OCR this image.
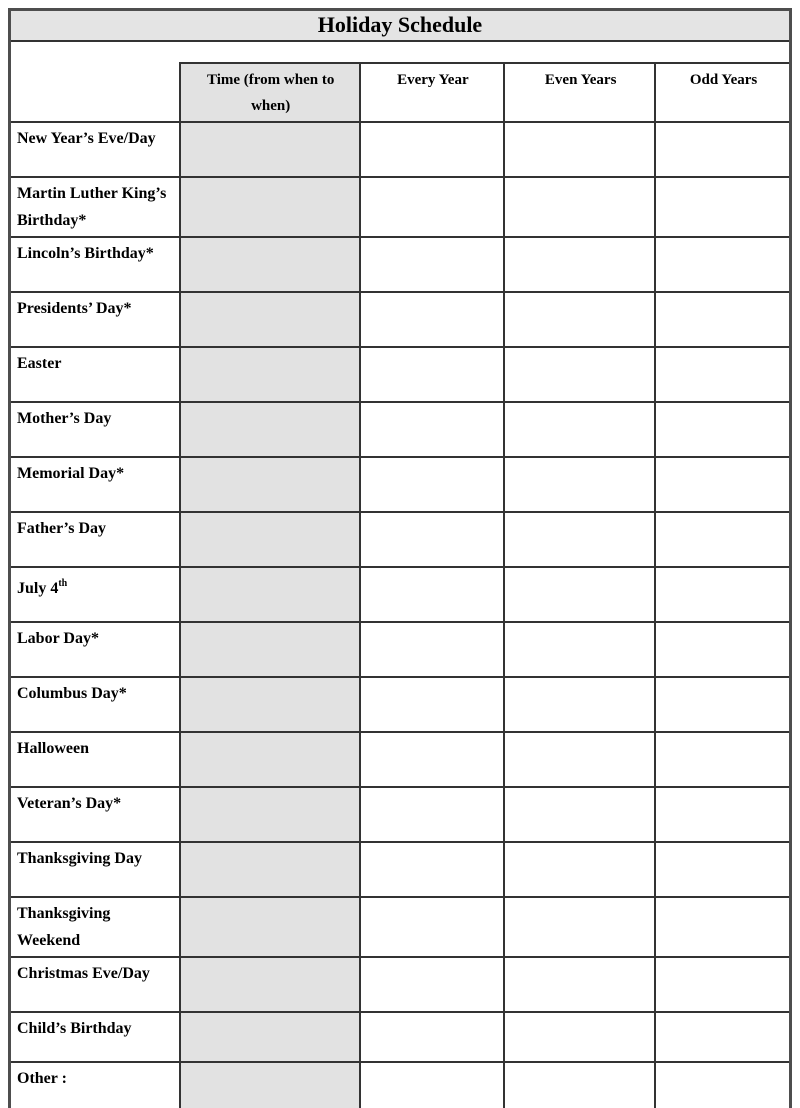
Holiday Schedule
	Time (from when to when)	Every Year	Even Years	Odd Years
New Year’s Eve/Day				
Martin Luther King’s Birthday*				
Lincoln’s Birthday*				
Presidents’ Day*				
Easter				
Mother’s Day				
Memorial Day*				
Father’s Day				
July 4th				
Labor Day*				
Columbus Day*				
Halloween				
Veteran’s Day*				
Thanksgiving Day				
Thanksgiving Weekend				
Christmas Eve/Day				
Child’s Birthday				
Other :				
